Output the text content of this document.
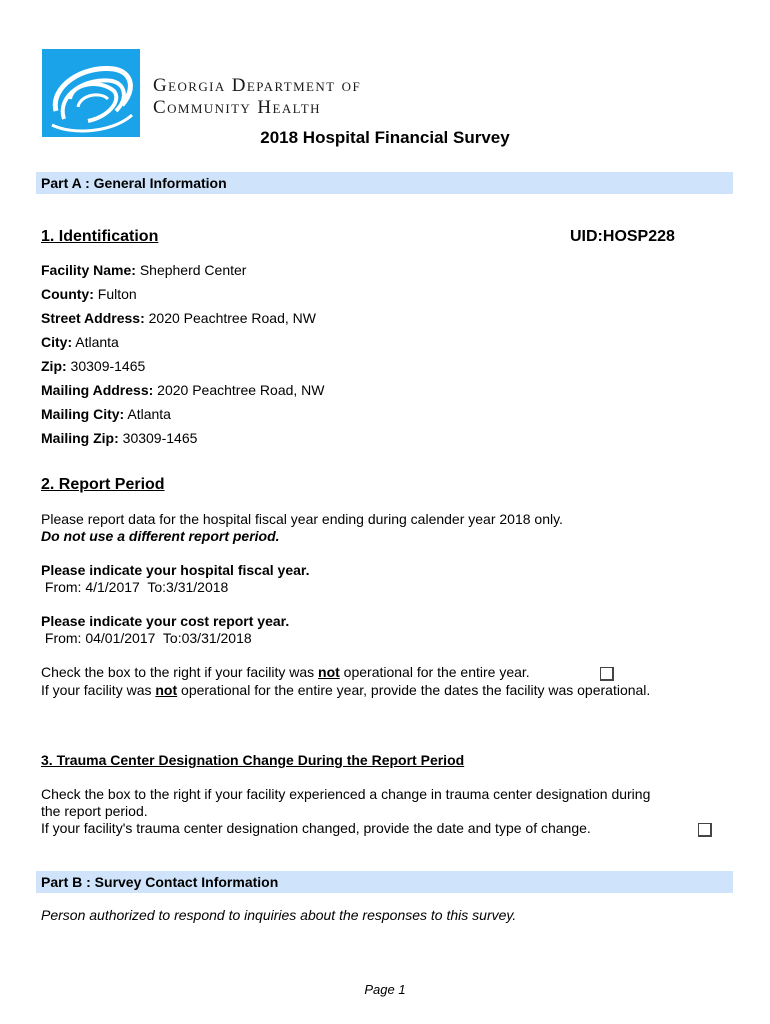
Georgia Department of
Community Health
2018 Hospital Financial Survey
Part A : General Information
1. Identification	UID:HOSP228
Facility Name: Shepherd Center
County: Fulton
Street Address: 2020 Peachtree Road, NW
City: Atlanta
Zip: 30309-1465
Mailing Address: 2020 Peachtree Road, NW
Mailing City: Atlanta
Mailing Zip: 30309-1465
2. Report Period
Please report data for the hospital fiscal year ending during calender year 2018 only.
Do not use a different report period.
Please indicate your hospital fiscal year.
From: 4/1/2017  To:3/31/2018
Please indicate your cost report year.
From: 04/01/2017  To:03/31/2018
Check the box to the right if your facility was not operational for the entire year.
If your facility was not operational for the entire year, provide the dates the facility was operational.
3. Trauma Center Designation Change During the Report Period
Check the box to the right if your facility experienced a change in trauma center designation during
the report period.
If your facility's trauma center designation changed, provide the date and type of change.
Part B : Survey Contact Information
Person authorized to respond to inquiries about the responses to this survey.
Page 1
